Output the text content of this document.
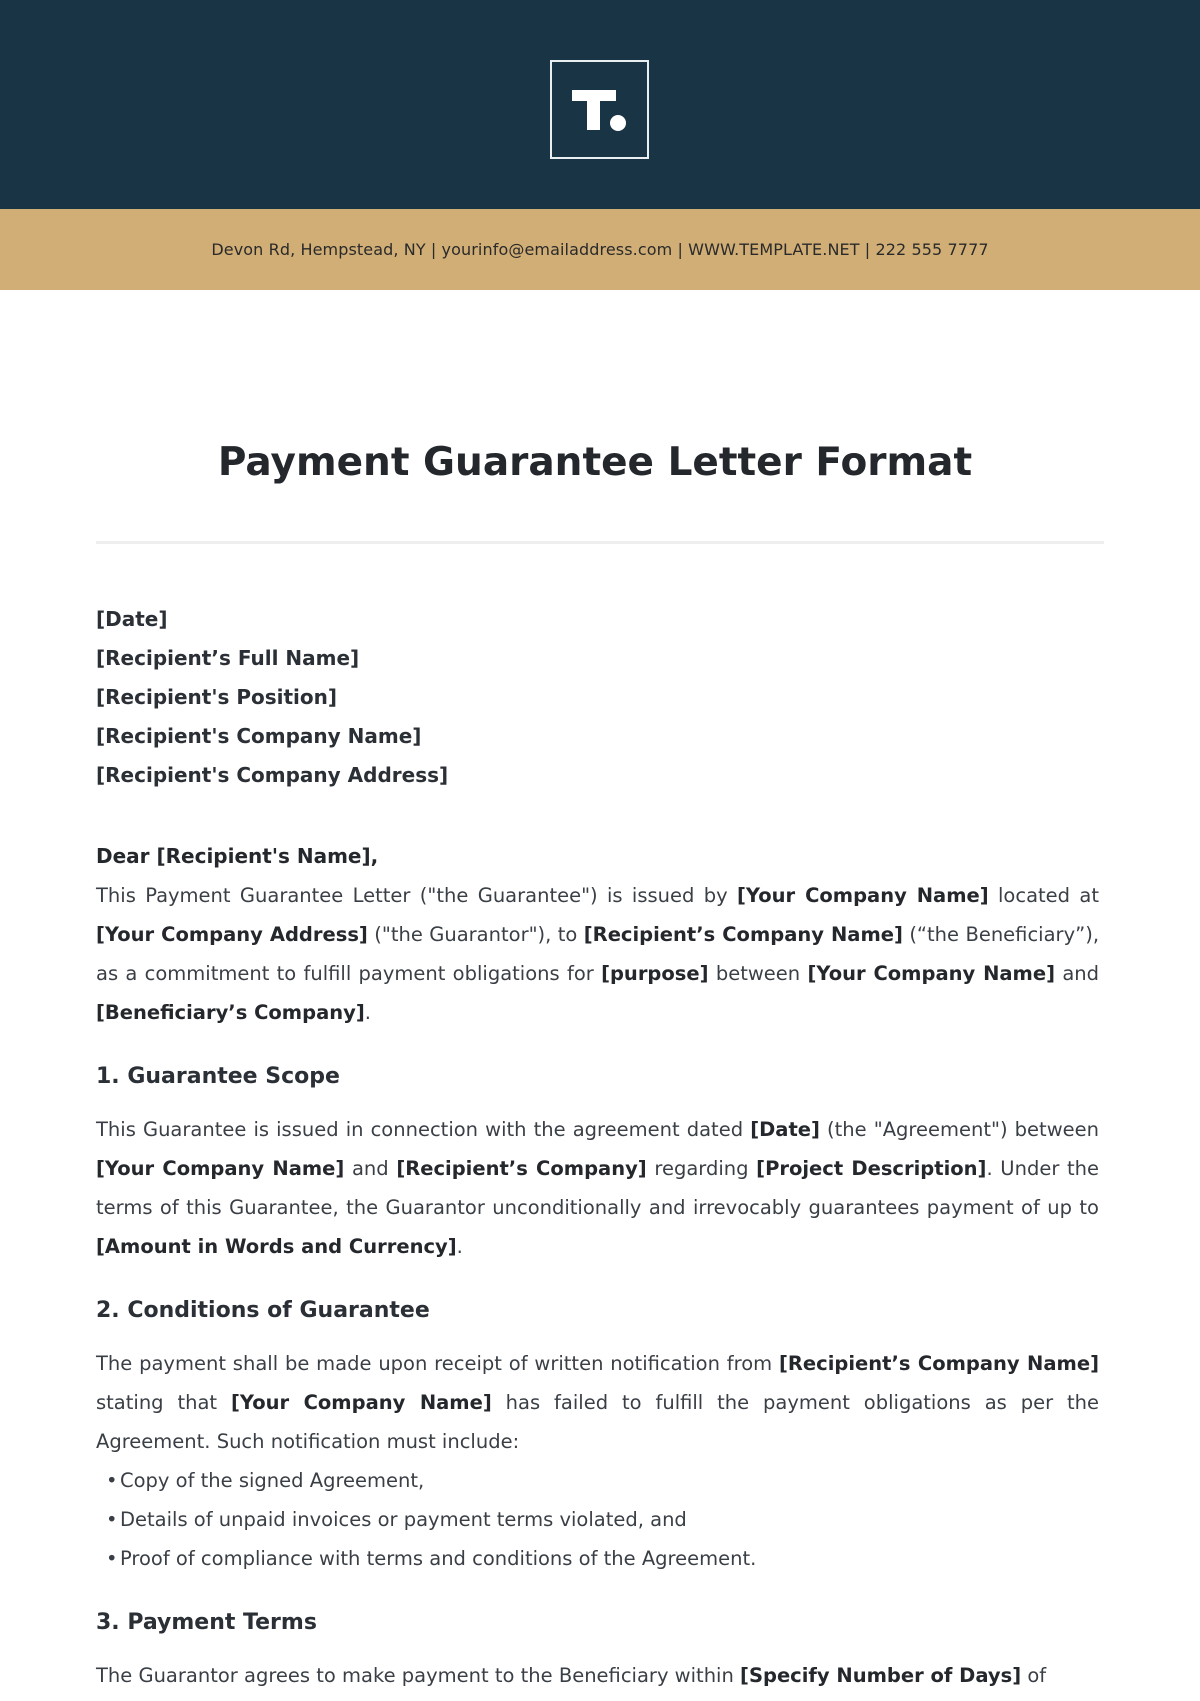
Devon Rd, Hempstead, NY | yourinfo@emailaddress.com | WWW.TEMPLATE.NET | 222 555 7777
Payment Guarantee Letter Format
[Date]
[Recipient’s Full Name]
[Recipient's Position]
[Recipient's Company Name]
[Recipient's Company Address]
Dear [Recipient's Name],

This Payment Guarantee Letter ("the Guarantee") is issued by [Your Company Name] located at [Your Company Address] ("the Guarantor"), to [Recipient’s Company Name] (“the Beneficiary”), as a commitment to fulfill payment obligations for [purpose] between [Your Company Name] and [Beneficiary’s Company].

1. Guarantee Scope

This Guarantee is issued in connection with the agreement dated [Date] (the "Agreement") between [Your Company Name] and [Recipient’s Company] regarding [Project Description]. Under the terms of this Guarantee, the Guarantor unconditionally and irrevocably guarantees payment of up to [Amount in Words and Currency].

2. Conditions of Guarantee

The payment shall be made upon receipt of written notification from [Recipient’s Company Name] stating that [Your Company Name] has failed to fulfill the payment obligations as per the Agreement. Such notification must include:

• Copy of the signed Agreement,
• Details of unpaid invoices or payment terms violated, and
• Proof of compliance with terms and conditions of the Agreement.
3. Payment Terms

The Guarantor agrees to make payment to the Beneficiary within [Specify Number of Days] of
